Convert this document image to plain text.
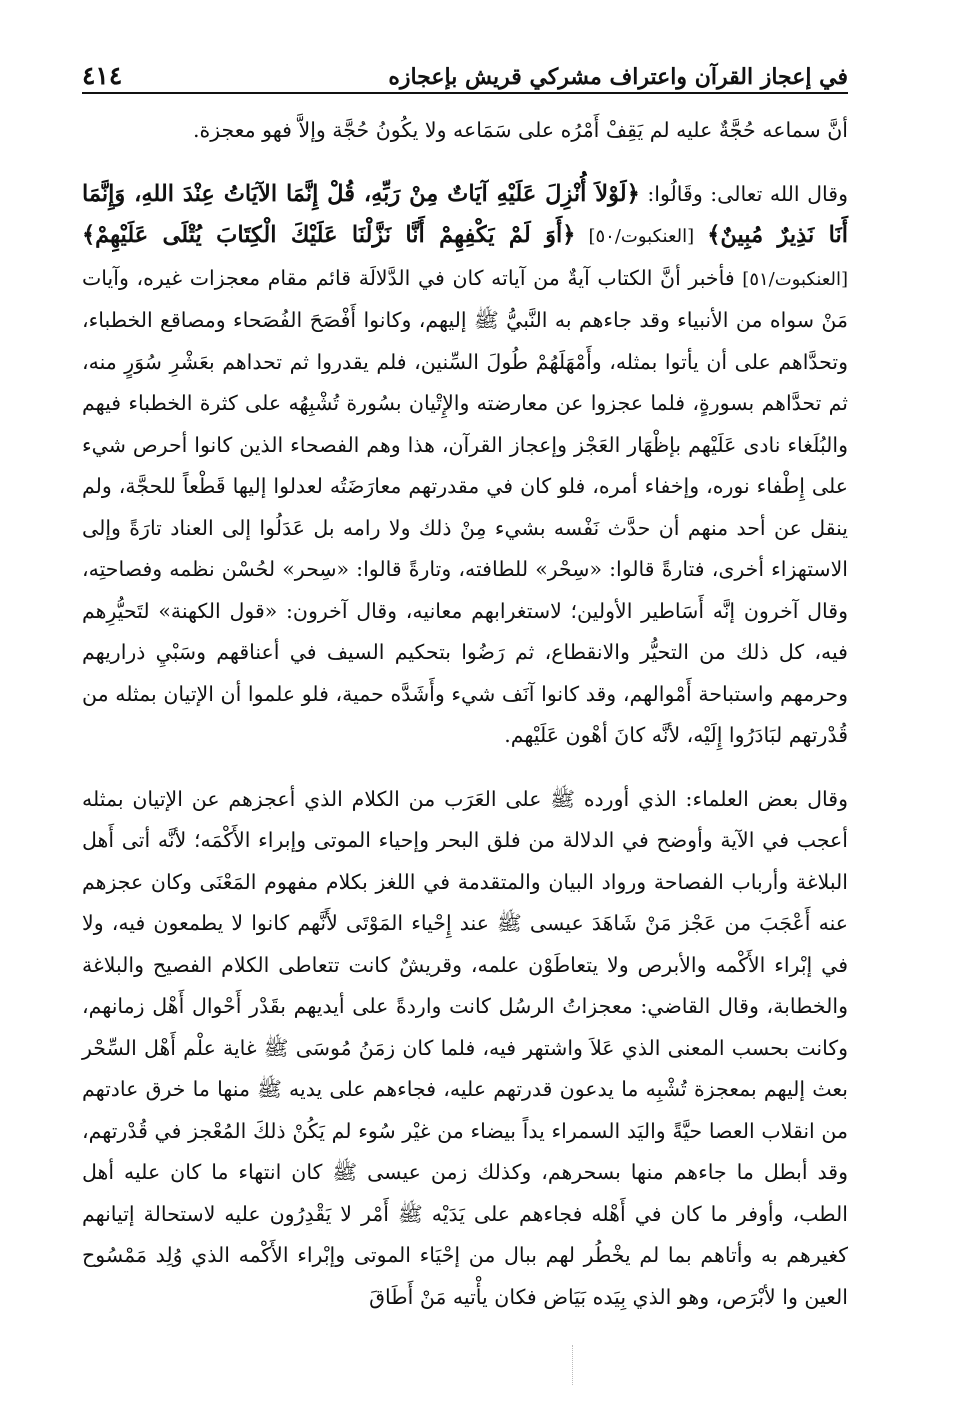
في إعجاز القرآن واعتراف مشركي قريش بإعجازه
٤١٤

أنَّ سماعه حُجَّةٌ عليه لم يَقِفْ أَمْرُه على سَمَاعه ولا يكُونُ حُجَّة وإلاَّ فهو معجزة.

وقال الله تعالى: وقَالُوا: ﴿لَوْلاَ أُنْزِلَ عَلَيْهِ آيَاتٌ مِنْ رَبِّهِ، قُلْ إِنَّمَا الآيَاتُ عِنْدَ اللهِ، وَإِنَّمَا أَنَا نَذِيرٌ مُبِينٌ﴾ [العنكبوت/٥٠] ﴿أَوَ لَمْ يَكْفِهِمْ أَنَّا نَزَّلْنَا عَلَيْكَ الْكِتَابَ يُتْلَى عَلَيْهِمْ﴾ [العنكبوت/٥١] فأخبر أنَّ الكتاب آيةٌ من آياته كان في الدَّلالَة قائم مقام معجزات غيره، وآيات مَنْ سواه من الأنبياء وقد جاءهم به النَّبيُّ ﷺ إليهم، وكانوا أَفْصَحَ الفُصَحاء ومصاقع الخطباء، وتحدَّاهم على أن يأتوا بمثله، وأَمْهَلَهُمْ طُولَ السِّنين، فلم يقدروا ثم تحداهم بعَشْرِ سُوَرٍ منه، ثم تحدَّاهم بسورةٍ، فلما عجزوا عن معارضته والإِتْيان بسُورة تُشْبِهُه على كثرة الخطباء فيهم والبُلَغاء نادى عَلَيْهم بإظْهَار العَجْز وإعجاز القرآن، هذا وهم الفصحاء الذين كانوا أحرص شيء على إِطْفاء نوره، وإخفاء أمره، فلو كان في مقدرتهم معارَضَتُه لعدلوا إليها قَطْعاً للحجَّة، ولم ينقل عن أحد منهم أن حدَّث نَفْسه بشيء مِنْ ذلك ولا رامه بل عَدَلُوا إلى العناد تارَةً وإلى الاستهزاء أخرى، فتارةً قالوا: «سِحْر» للطافته، وتارةً قالوا: «سِحر» لحُسْن نظمه وفصاحتِه، وقال آخرون إنَّه أَسَاطير الأولين؛ لاستغرابهم معانيه، وقال آخرون: «قول الكهنة» لتَحيُّرِهم فيه، كل ذلك من التحيُّر والانقطاع، ثم رَضُوا بتحكيم السيف في أعناقهم وسَبْيِ ذراريهم وحرمهم واستباحة أَمْوالهم، وقد كانوا آنَف شيء وأَشَدَّه حمية، فلو علموا أن الإتيان بمثله من قُدْرتهم لبَادَرُوا إِلَيْه، لأنَّه كانَ أهْون عَلَيْهم.

وقال بعض العلماء: الذي أورده ﷺ على العَرَب من الكلام الذي أعجزهم عن الإتيان بمثله أعجب في الآية وأوضح في الدلالة من فلق البحر وإحياء الموتى وإبراء الأَكْمَه؛ لأنَّه أتى أَهل البلاغة وأرباب الفصاحة ورواد البيان والمتقدمة في اللغز بكلام مفهوم المَعْنَى وكان عجزهم عنه أَعْجَبَ من عَجْز مَنْ شَاهَدَ عيسى ﷺ عند إِحْياء المَوْتَى لأَنَّهم كانوا لا يطمعون فيه، ولا في إبْراء الأَكْمه والأبرص ولا يتعاطَوْن علمه، وقريشٌ كانت تتعاطى الكلام الفصيح والبلاغة والخطابة، وقال القاضي: معجزاتُ الرسُل كانت واردةً على أيديهم بقَدْر أَحْوال أَهْل زمانهم، وكانت بحسب المعنى الذي عَلاَ واشتهر فيه، فلما كان زمَنُ مُوسَى ﷺ غاية علْم أَهْل السِّحْر بعث إليهم بمعجزة تُشْبِه ما يدعون قدرتهم عليه، فجاءهم على يديه ﷺ منها ما خرق عادتهم من انقلاب العصا حيَّةً واليَد السمراء يداً بيضاء من غيْر سُوء لم يَكُنْ ذلكَ المُعْجز في قُدْرتهم، وقد أبطل ما جاءهم منها بسحرهم، وكذلك زمن عيسى ﷺ كان انتهاء ما كان عليه أهل الطب، وأوفر ما كان في أَهْله فجاءهم على يَدَيْه ﷺ أَمْر لا يَقْدِرُون عليه لاستحالة إتيانهم كغيرهم به وأتاهم بما لم يخْطُر لهم ببال من إحْيَاء الموتى وإبْراء الأَكْمه الذي وُلِد مَمْسُوح العين وا لأبْرَص، وهو الذي بِيَده بَيَاض فكان يأْتيه مَنْ أَطَاقَ
